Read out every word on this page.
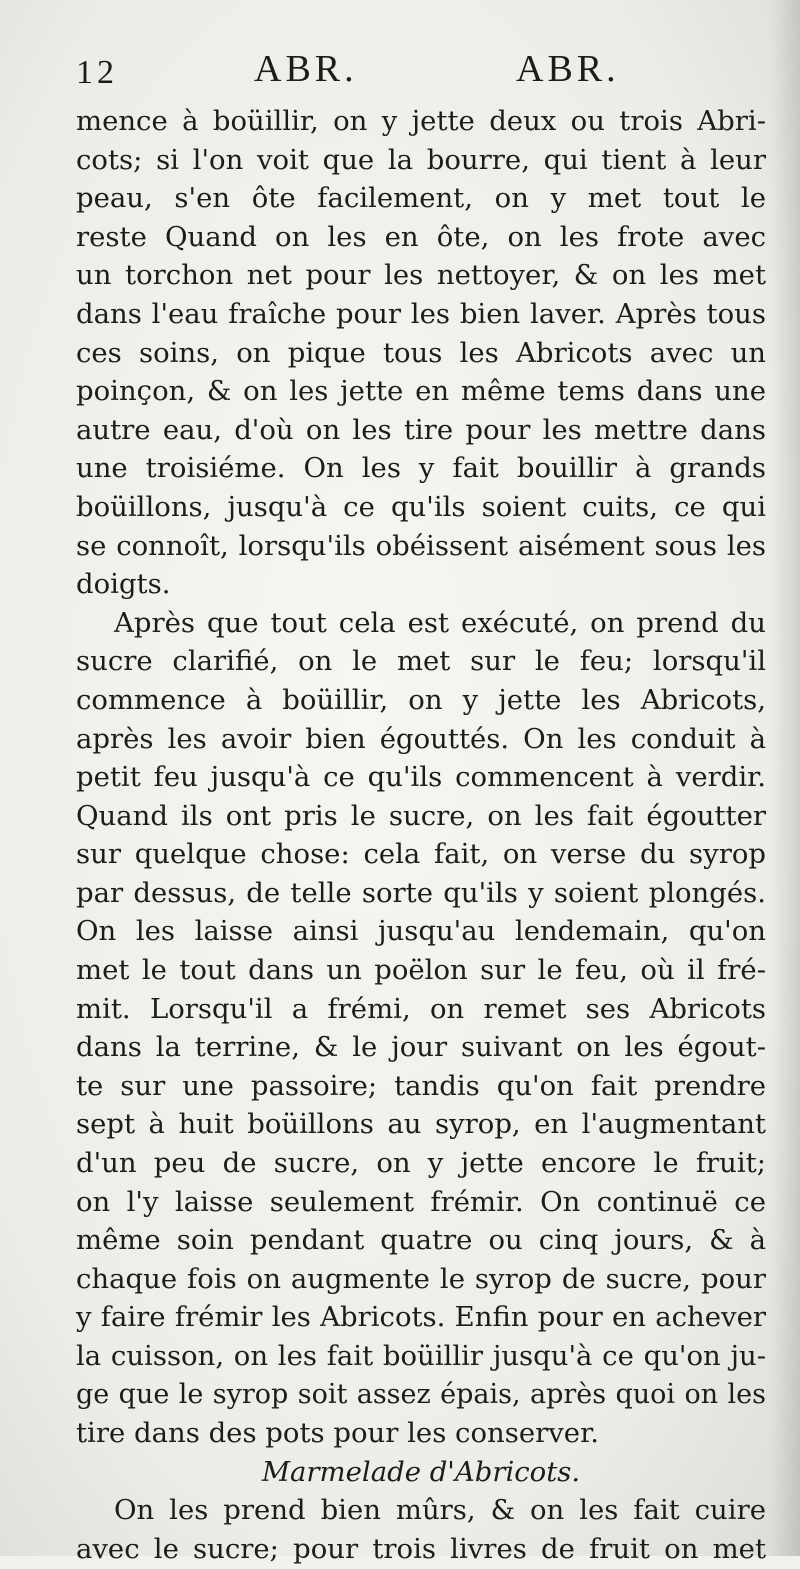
12	ABR.	ABR.
mence à boüillir, on y jette deux ou trois Abri-
cots; si l'on voit que la bourre, qui tient à leur
peau, s'en ôte facilement, on y met tout le
reste Quand on les en ôte, on les frote avec
un torchon net pour les nettoyer, & on les met
dans l'eau fraîche pour les bien laver. Après tous
ces soins, on pique tous les Abricots avec un
poinçon, & on les jette en même tems dans une
autre eau, d'où on les tire pour les mettre dans
une troisiéme. On les y fait bouillir à grands
boüillons, jusqu'à ce qu'ils soient cuits, ce qui
se connoît, lorsqu'ils obéissent aisément sous les
doigts.
Après que tout cela est exécuté, on prend du
sucre clarifié, on le met sur le feu; lorsqu'il
commence à boüillir, on y jette les Abricots,
après les avoir bien égouttés. On les conduit à
petit feu jusqu'à ce qu'ils commencent à verdir.
Quand ils ont pris le sucre, on les fait égoutter
sur quelque chose: cela fait, on verse du syrop
par dessus, de telle sorte qu'ils y soient plongés.
On les laisse ainsi jusqu'au lendemain, qu'on
met le tout dans un poëlon sur le feu, où il fré-
mit. Lorsqu'il a frémi, on remet ses Abricots
dans la terrine, & le jour suivant on les égout-
te sur une passoire; tandis qu'on fait prendre
sept à huit boüillons au syrop, en l'augmentant
d'un peu de sucre, on y jette encore le fruit;
on l'y laisse seulement frémir. On continuë ce
même soin pendant quatre ou cinq jours, & à
chaque fois on augmente le syrop de sucre, pour
y faire frémir les Abricots. Enfin pour en achever
la cuisson, on les fait boüillir jusqu'à ce qu'on ju-
ge que le syrop soit assez épais, après quoi on les
tire dans des pots pour les conserver.
Marmelade d'Abricots.
On les prend bien mûrs, & on les fait cuire
avec le sucre; pour trois livres de fruit on met
